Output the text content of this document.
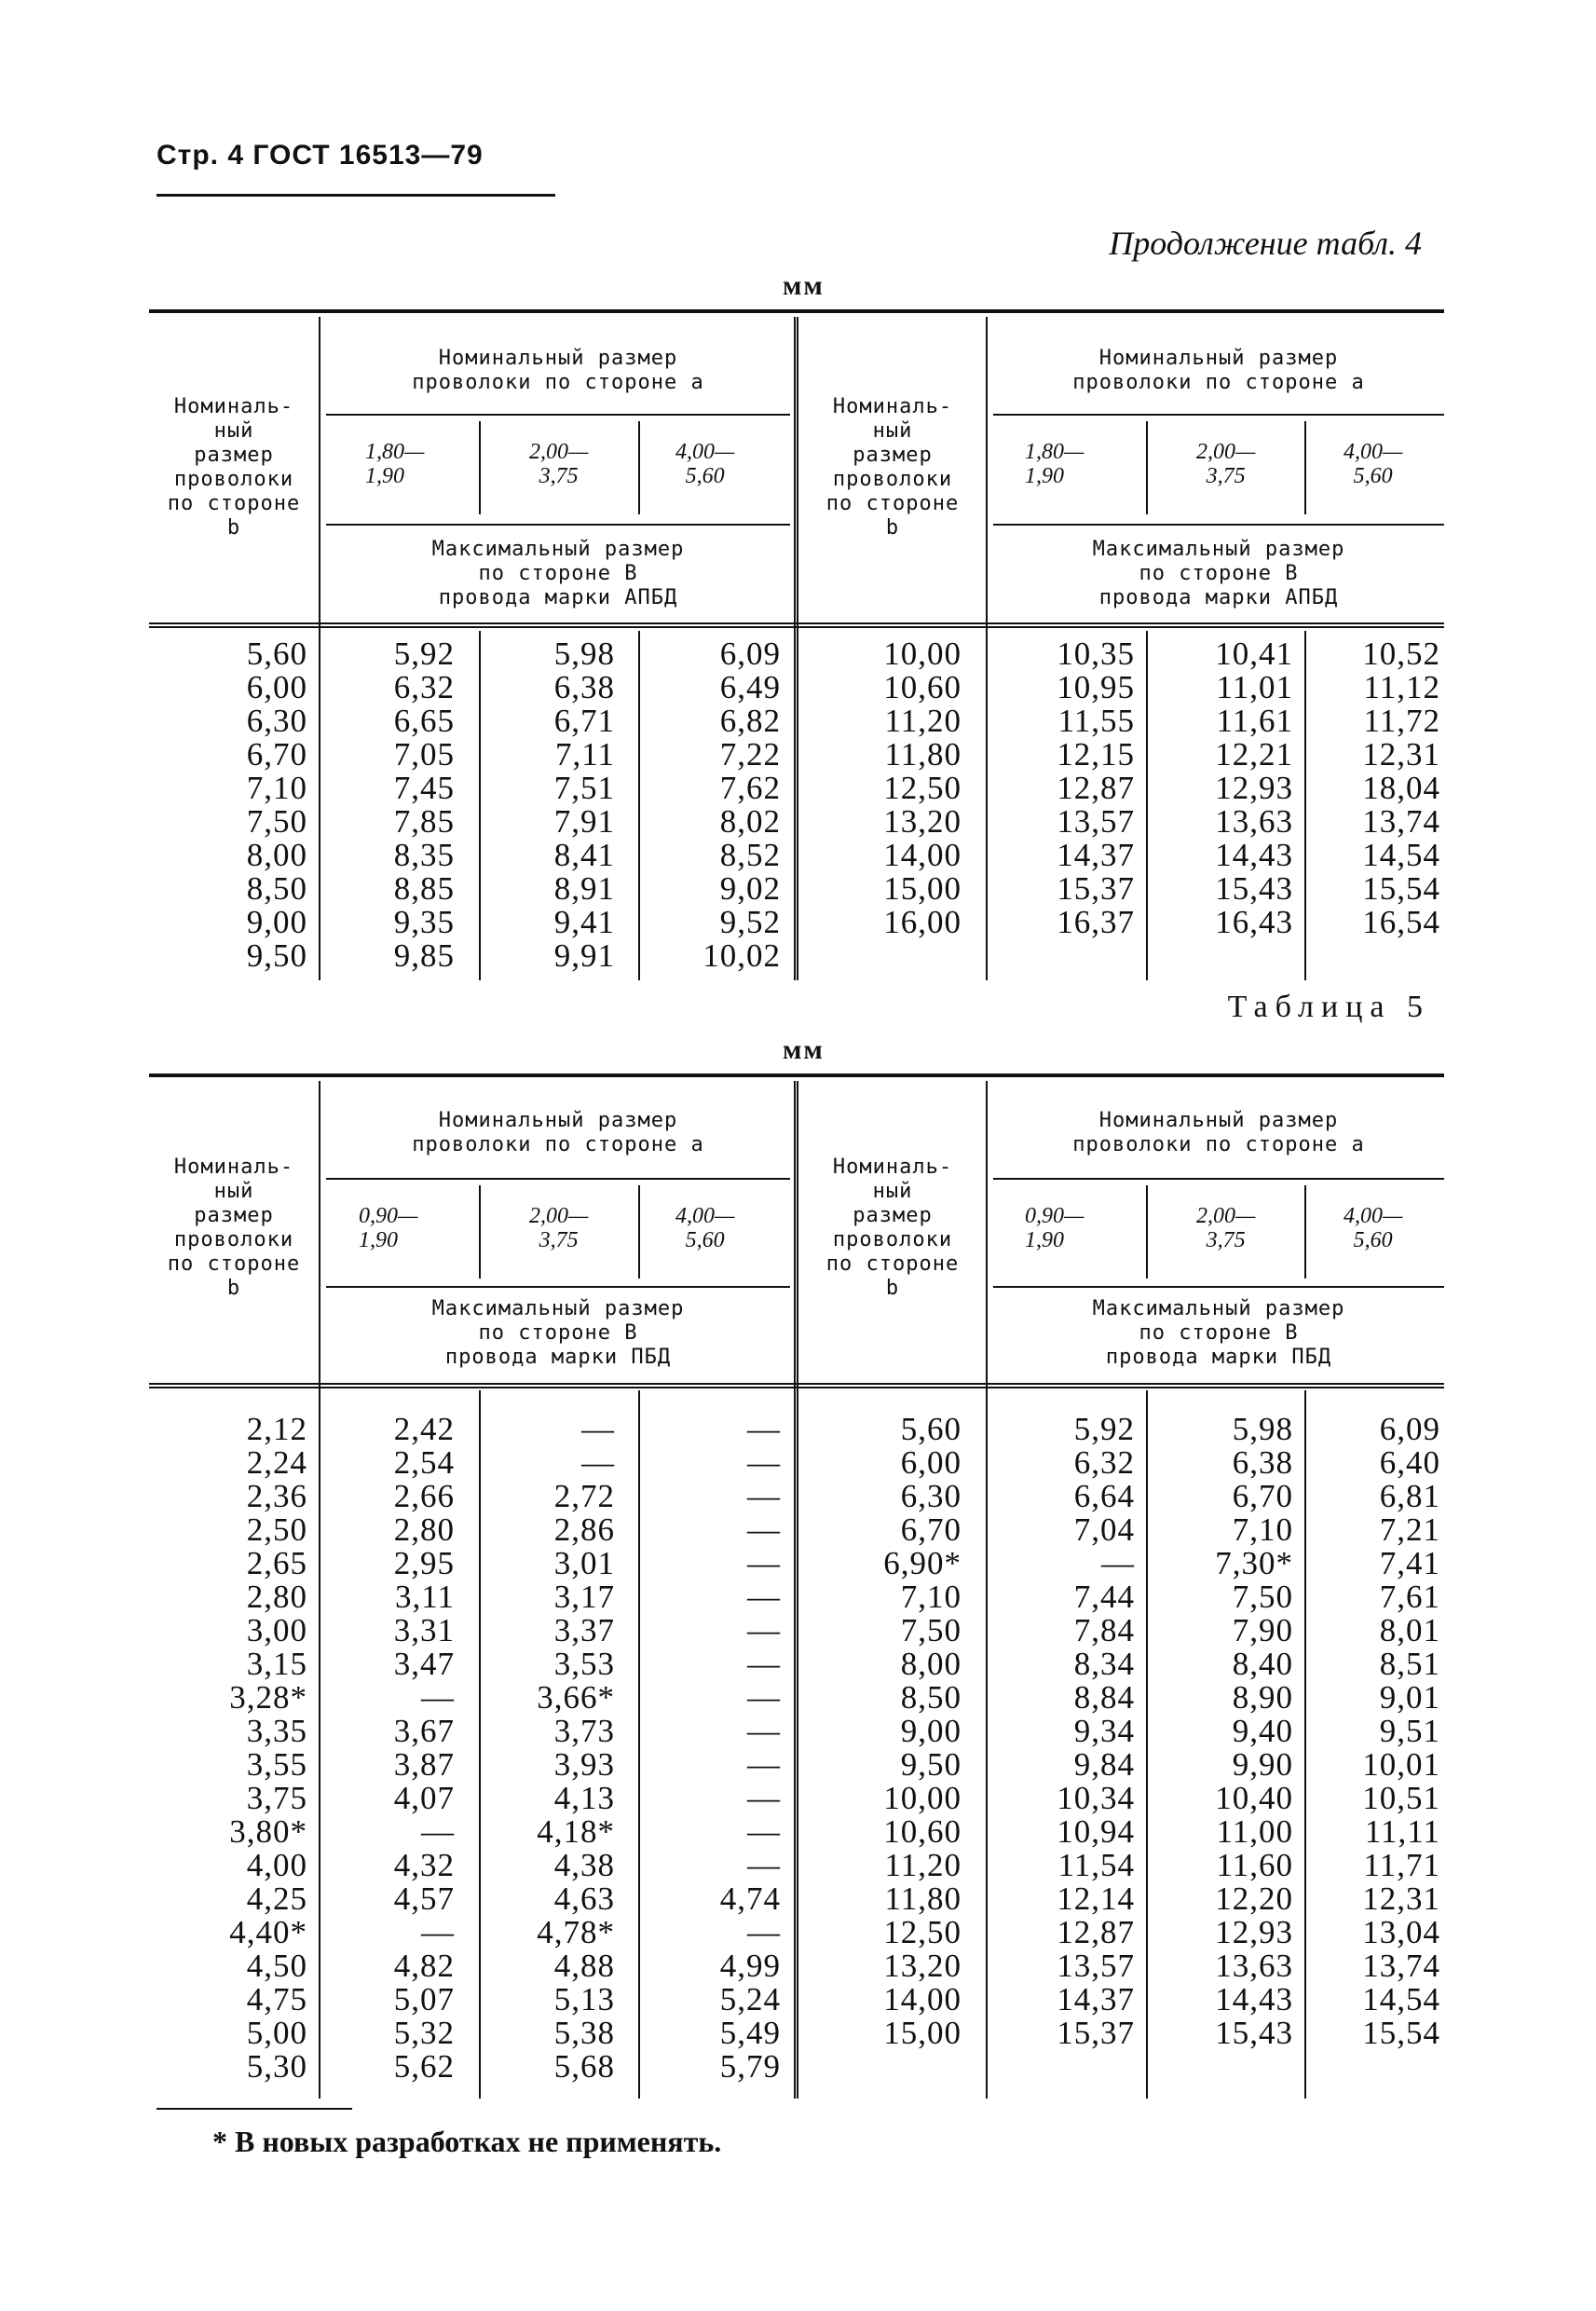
Стр. 4 ГОСТ 16513—79
Продолжение табл. 4
мм
Номиналь-
ный
размер
проволоки
по стороне
b
Номинальный размер
проволоки по стороне a
1,80—
1,90
2,00—
3,75
4,00—
5,60
Максимальный размер
по стороне B
провода марки АПБД
Номиналь-
ный
размер
проволоки
по стороне
b
Номинальный размер
проволоки по стороне a
1,80—
1,90
2,00—
3,75
4,00—
5,60
Максимальный размер
по стороне B
провода марки АПБД
5,60
6,00
6,30
6,70
7,10
7,50
8,00
8,50
9,00
9,50
5,92
6,32
6,65
7,05
7,45
7,85
8,35
8,85
9,35
9,85
5,98
6,38
6,71
7,11
7,51
7,91
8,41
8,91
9,41
9,91
6,09
6,49
6,82
7,22
7,62
8,02
8,52
9,02
9,52
10,02
10,00
10,60
11,20
11,80
12,50
13,20
14,00
15,00
16,00
10,35
10,95
11,55
12,15
12,87
13,57
14,37
15,37
16,37
10,41
11,01
11,61
12,21
12,93
13,63
14,43
15,43
16,43
10,52
11,12
11,72
12,31
18,04
13,74
14,54
15,54
16,54
Таблица 5
мм
Номиналь-
ный
размер
проволоки
по стороне
b
Номинальный размер
проволоки по стороне a
0,90—
1,90
2,00—
3,75
4,00—
5,60
Максимальный размер
по стороне B
провода марки ПБД
Номиналь-
ный
размер
проволоки
по стороне
b
Номинальный размер
проволоки по стороне a
0,90—
1,90
2,00—
3,75
4,00—
5,60
Максимальный размер
по стороне B
провода марки ПБД
2,12
2,24
2,36
2,50
2,65
2,80
3,00
3,15
3,28*
3,35
3,55
3,75
3,80*
4,00
4,25
4,40*
4,50
4,75
5,00
5,30
2,42
2,54
2,66
2,80
2,95
3,11
3,31
3,47
—
3,67
3,87
4,07
—
4,32
4,57
—
4,82
5,07
5,32
5,62
—
—
2,72
2,86
3,01
3,17
3,37
3,53
3,66*
3,73
3,93
4,13
4,18*
4,38
4,63
4,78*
4,88
5,13
5,38
5,68
—
—
—
—
—
—
—
—
—
—
—
—
—
—
4,74
—
4,99
5,24
5,49
5,79
5,60
6,00
6,30
6,70
6,90*
7,10
7,50
8,00
8,50
9,00
9,50
10,00
10,60
11,20
11,80
12,50
13,20
14,00
15,00
5,92
6,32
6,64
7,04
—
7,44
7,84
8,34
8,84
9,34
9,84
10,34
10,94
11,54
12,14
12,87
13,57
14,37
15,37
5,98
6,38
6,70
7,10
7,30*
7,50
7,90
8,40
8,90
9,40
9,90
10,40
11,00
11,60
12,20
12,93
13,63
14,43
15,43
6,09
6,40
6,81
7,21
7,41
7,61
8,01
8,51
9,01
9,51
10,01
10,51
11,11
11,71
12,31
13,04
13,74
14,54
15,54
* В новых разработках не применять.
